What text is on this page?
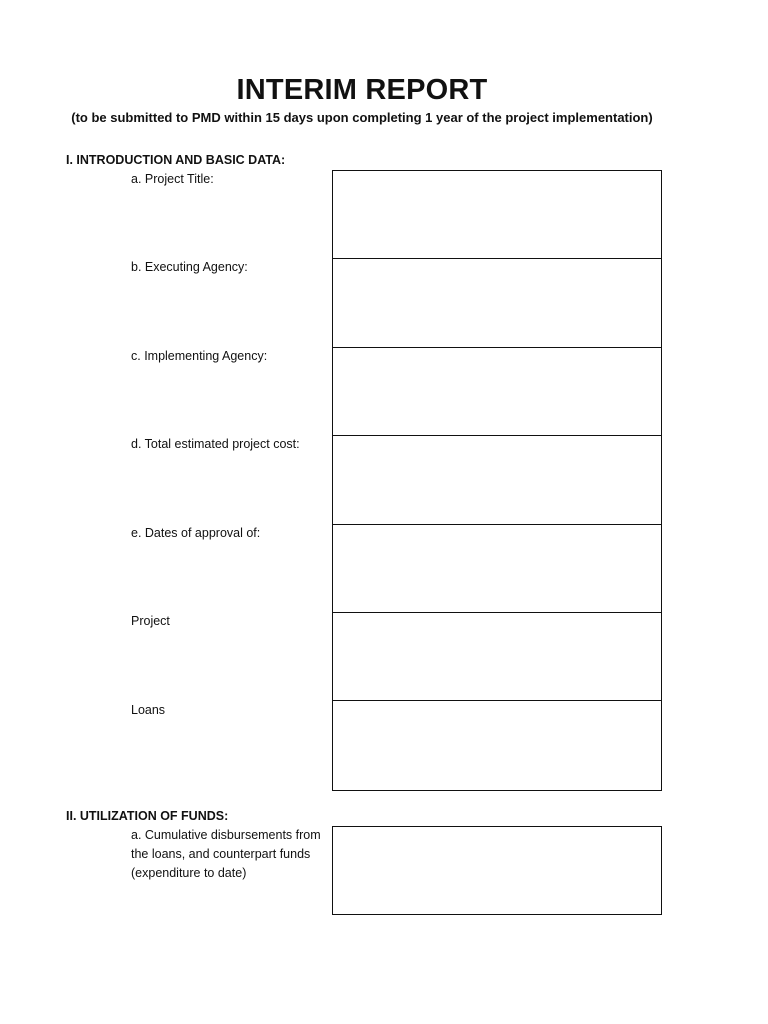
INTERIM REPORT
(to be submitted to PMD within 15 days upon completing 1 year of the project implementation)
I. INTRODUCTION AND BASIC DATA:
a. Project Title:
b. Executing Agency:
c. Implementing Agency:
d. Total estimated project cost:
e. Dates of approval of:
Project
Loans
II. UTILIZATION OF FUNDS:
a. Cumulative disbursements from
the loans, and counterpart funds
(expenditure to date)
